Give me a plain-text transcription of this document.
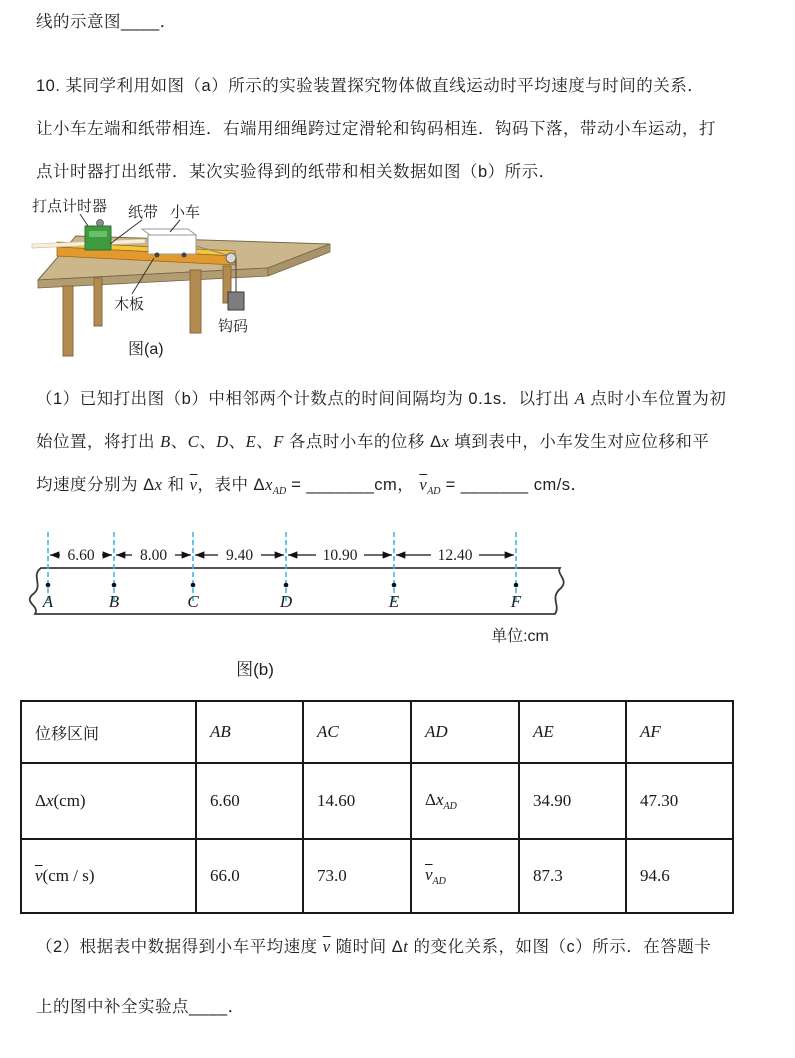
线的示意图____．
10. 某同学利用如图（a）所示的实验装置探究物体做直线运动时平均速度与时间的关系．
让小车左端和纸带相连．右端用细绳跨过定滑轮和钩码相连．钩码下落，带动小车运动，打
点计时器打出纸带．某次实验得到的纸带和相关数据如图（b）所示．
打点计时器 纸带 小车
木板
钩码
图(a)
（1）已知打出图（b）中相邻两个计数点的时间间隔均为 0.1s．以打出 A 点时小车位置为初
始位置，将打出 B、C、D、E、F 各点时小车的位移 Δx 填到表中，小车发生对应位移和平
均速度分别为 Δx 和 $\overline{v}$，表中 $\Delta x_{AD}$ = _______cm， $\overline{v}_{AD}$ = _______ cm/s．
6.60	8.00	9.40	10.90	12.40
A	B	C	D	E	F
单位:cm
图(b)
位移区间	AB	AC	AD	AE	AF
Δx(cm)	6.60	14.60	$\Delta x_{AD}$	34.90	47.30
$\overline{v}(cm / s)$	66.0	73.0	$\overline{v}_{AD}$	87.3	94.6
（2）根据表中数据得到小车平均速度 $\overline{v}$ 随时间 Δt 的变化关系，如图（c）所示．在答题卡
上的图中补全实验点____．
